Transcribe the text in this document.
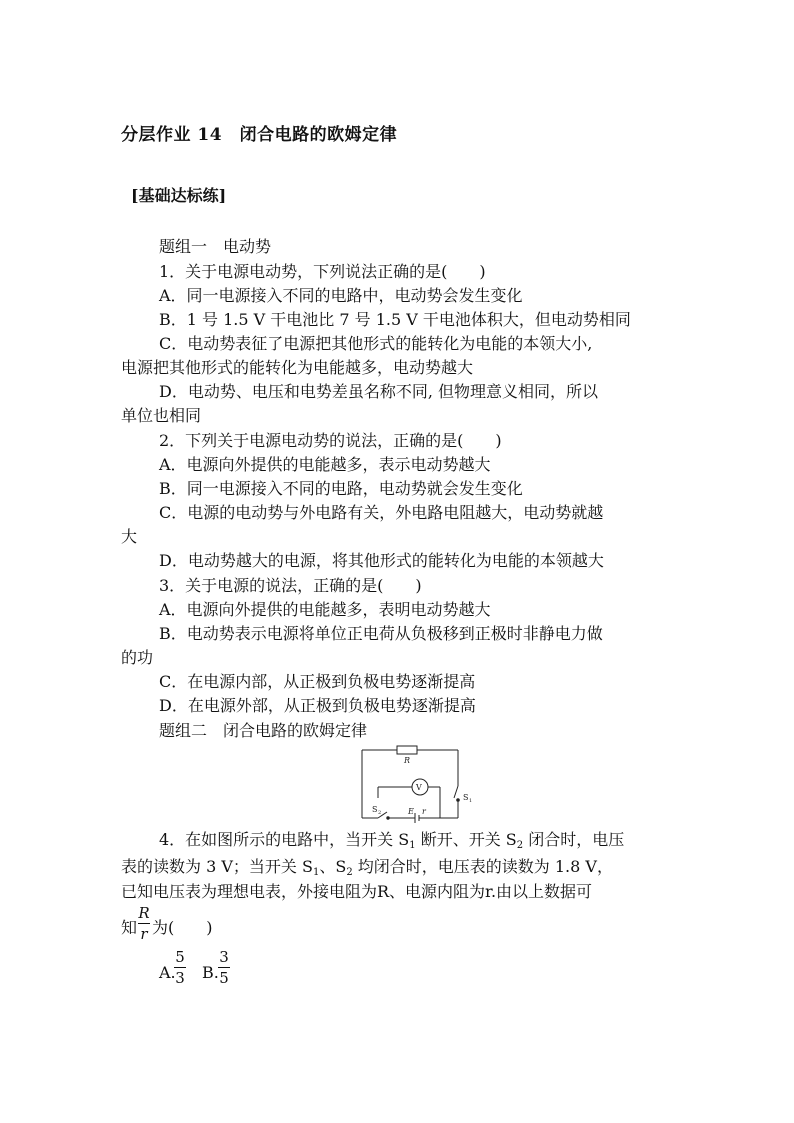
分层作业 14　闭合电路的欧姆定律
[基础达标练]
题组一　电动势
1．关于电源电动势，下列说法正确的是(　　)
A．同一电源接入不同的电路中，电动势会发生变化
B．1 号 1.5 V 干电池比 7 号 1.5 V 干电池体积大，但电动势相同
C．电动势表征了电源把其他形式的能转化为电能的本领大小,
电源把其他形式的能转化为电能越多，电动势越大
D．电动势、电压和电势差虽名称不同, 但物理意义相同，所以
单位也相同
2．下列关于电源电动势的说法，正确的是(　　)
A．电源向外提供的电能越多，表示电动势越大
B．同一电源接入不同的电路，电动势就会发生变化
C．电源的电动势与外电路有关，外电路电阻越大，电动势就越
大
D．电动势越大的电源，将其他形式的能转化为电能的本领越大
3．关于电源的说法，正确的是(　　)
A．电源向外提供的电能越多，表明电动势越大
B．电动势表示电源将单位正电荷从负极移到正极时非静电力做
的功
C．在电源内部，从正极到负极电势逐渐提高
D．在电源外部，从正极到负极电势逐渐提高
题组二　闭合电路的欧姆定律
R
V
S 1
S 2	E r
4．在如图所示的电路中，当开关 $S_1$ 断开、开关 $S_2$ 闭合时，电压
表的读数为 3 V；当开关 $S_1$、$S_2$ 均闭合时，电压表的读数为 1.8 V，
已知电压表为理想电表，外接电阻为R、电源内阻为r.由以上数据可
知
R
r 为(　　)
A.
5
3 B.
3
5
